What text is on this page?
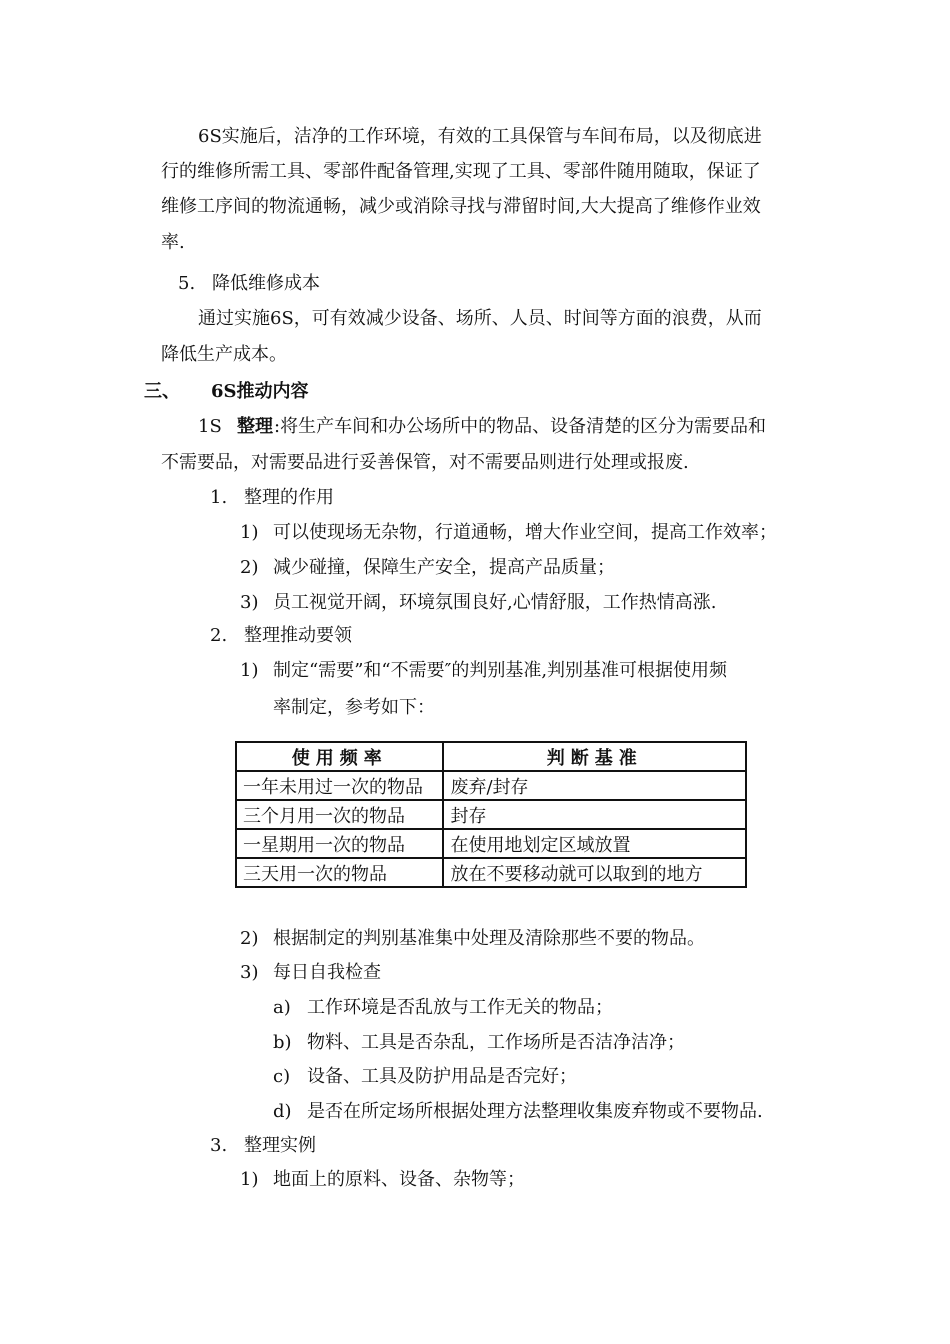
6S实施后，洁净的工作环境，有效的工具保管与车间布局，以及彻底进
行的维修所需工具、零部件配备管理,实现了工具、零部件随用随取，保证了
维修工序间的物流通畅，减少或消除寻找与滞留时间,大大提高了维修作业效
率.
5. 降低维修成本
通过实施6S，可有效减少设备、场所、人员、时间等方面的浪费，从而
降低生产成本。
三、 6S推动内容
1S 整理 :将生产车间和办公场所中的物品、设备清楚的区分为需要品和
不需要品，对需要品进行妥善保管，对不需要品则进行处理或报废.
1. 整理的作用
1) 可以使现场无杂物，行道通畅，增大作业空间，提高工作效率；
2) 减少碰撞，保障生产安全，提高产品质量；
3) 员工视觉开阔，环境氛围良好,心情舒服，工作热情高涨.
2. 整理推动要领
1) 制定“需要”和“不需要″的判别基准,判别基准可根据使用频
率制定，参考如下：
使用频率	判断基准
一年未用过一次的物品	废弃/封存
三个月用一次的物品	封存
一星期用一次的物品	在使用地划定区域放置
三天用一次的物品	放在不要移动就可以取到的地方
2) 根据制定的判别基准集中处理及清除那些不要的物品。
3) 每日自我检查
a) 工作环境是否乱放与工作无关的物品；
b) 物料、工具是否杂乱，工作场所是否洁净洁净；
c) 设备、工具及防护用品是否完好；
d) 是否在所定场所根据处理方法整理收集废弃物或不要物品.
3. 整理实例
1) 地面上的原料、设备、杂物等；
